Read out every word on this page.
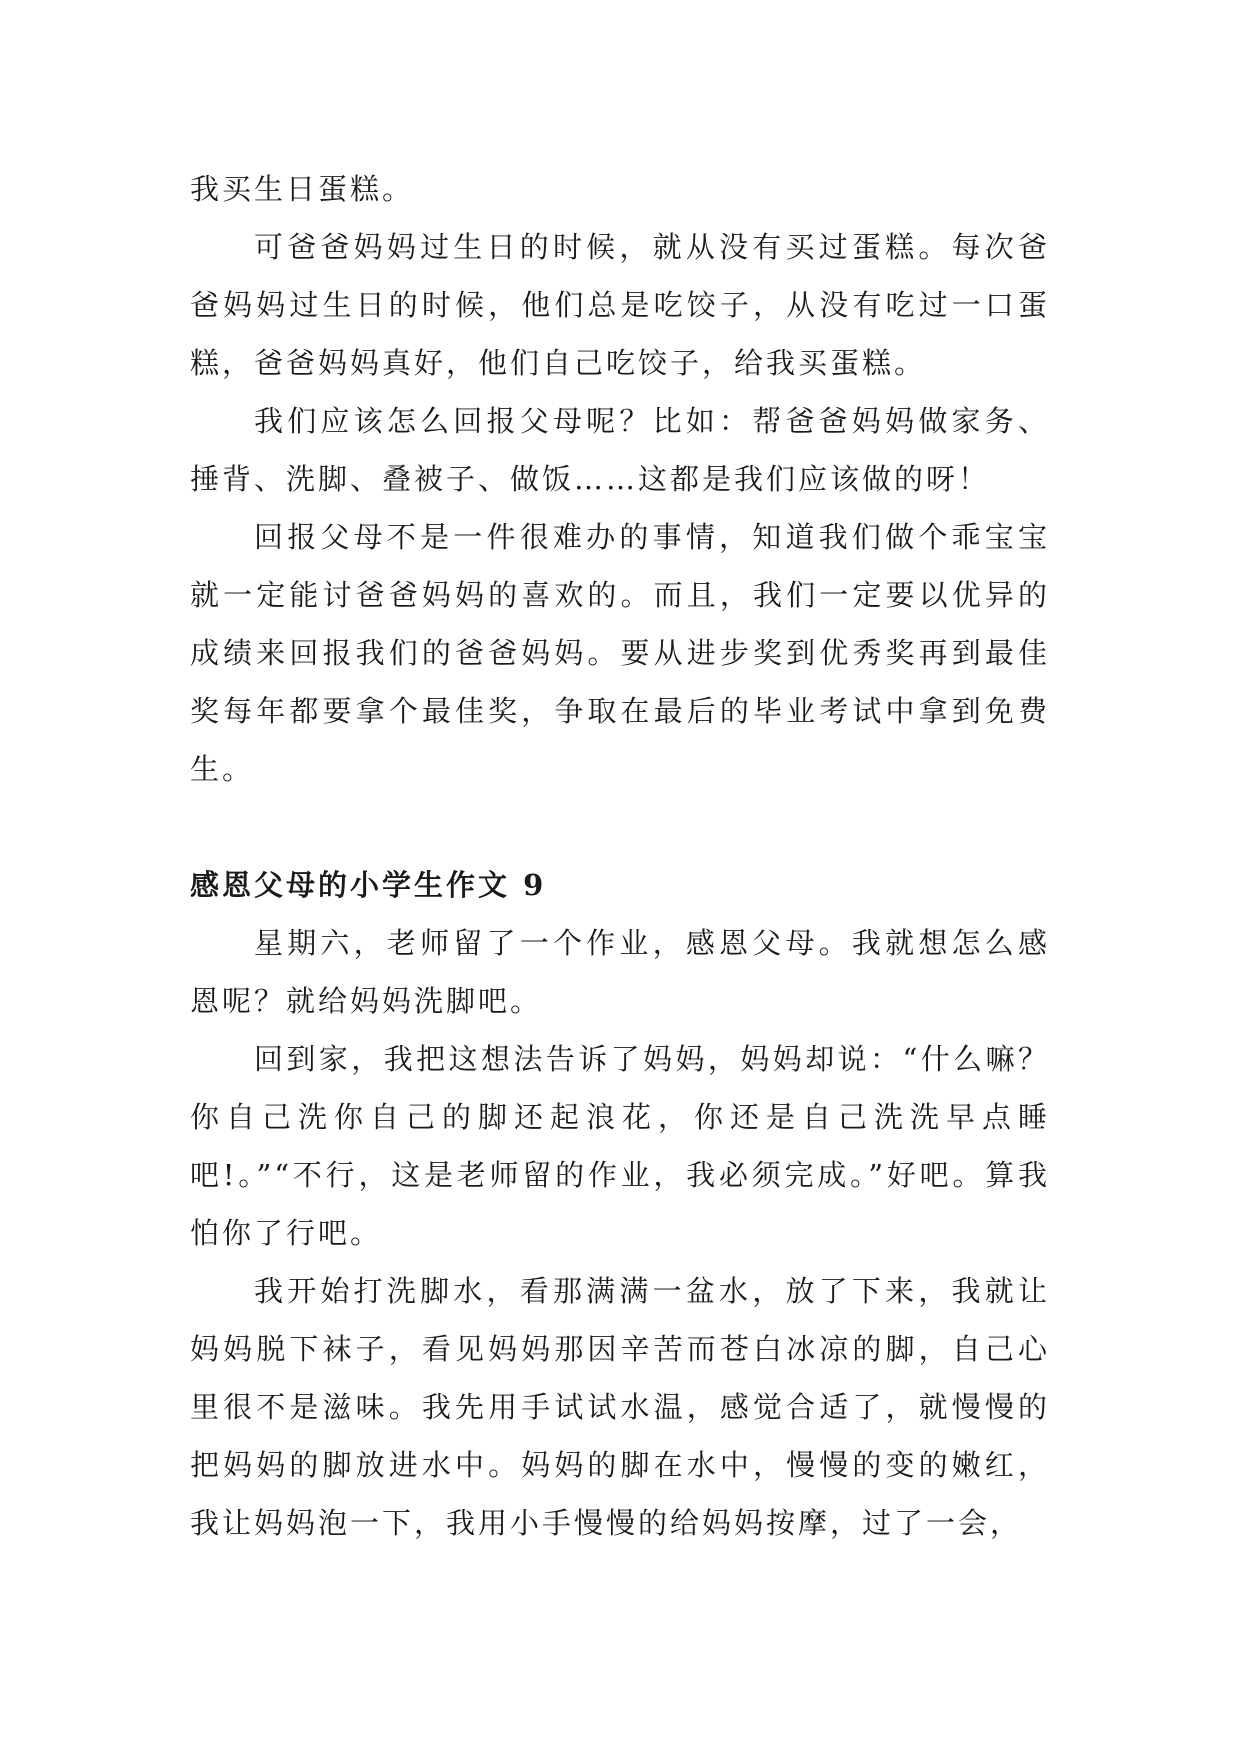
我买生日蛋糕。

可爸爸妈妈过生日的时候，就从没有买过蛋糕。每次爸爸妈妈过生日的时候，他们总是吃饺子，从没有吃过一口蛋糕，爸爸妈妈真好，他们自己吃饺子，给我买蛋糕。

我们应该怎么回报父母呢？比如：帮爸爸妈妈做家务、捶背、洗脚、叠被子、做饭……这都是我们应该做的呀！

回报父母不是一件很难办的事情，知道我们做个乖宝宝就一定能讨爸爸妈妈的喜欢的。而且，我们一定要以优异的成绩来回报我们的爸爸妈妈。要从进步奖到优秀奖再到最佳奖每年都要拿个最佳奖，争取在最后的毕业考试中拿到免费生。

感恩父母的小学生作文 9

星期六，老师留了一个作业，感恩父母。我就想怎么感恩呢？就给妈妈洗脚吧。

回到家，我把这想法告诉了妈妈，妈妈却说：“什么嘛？你自己洗你自己的脚还起浪花，你还是自己洗洗早点睡吧!。”“不行，这是老师留的作业，我必须完成。”好吧。算我怕你了行吧。

我开始打洗脚水，看那满满一盆水，放了下来，我就让妈妈脱下袜子，看见妈妈那因辛苦而苍白冰凉的脚，自己心里很不是滋味。我先用手试试水温，感觉合适了，就慢慢的把妈妈的脚放进水中。妈妈的脚在水中，慢慢的变的嫩红，我让妈妈泡一下，我用小手慢慢的给妈妈按摩，过了一会，
